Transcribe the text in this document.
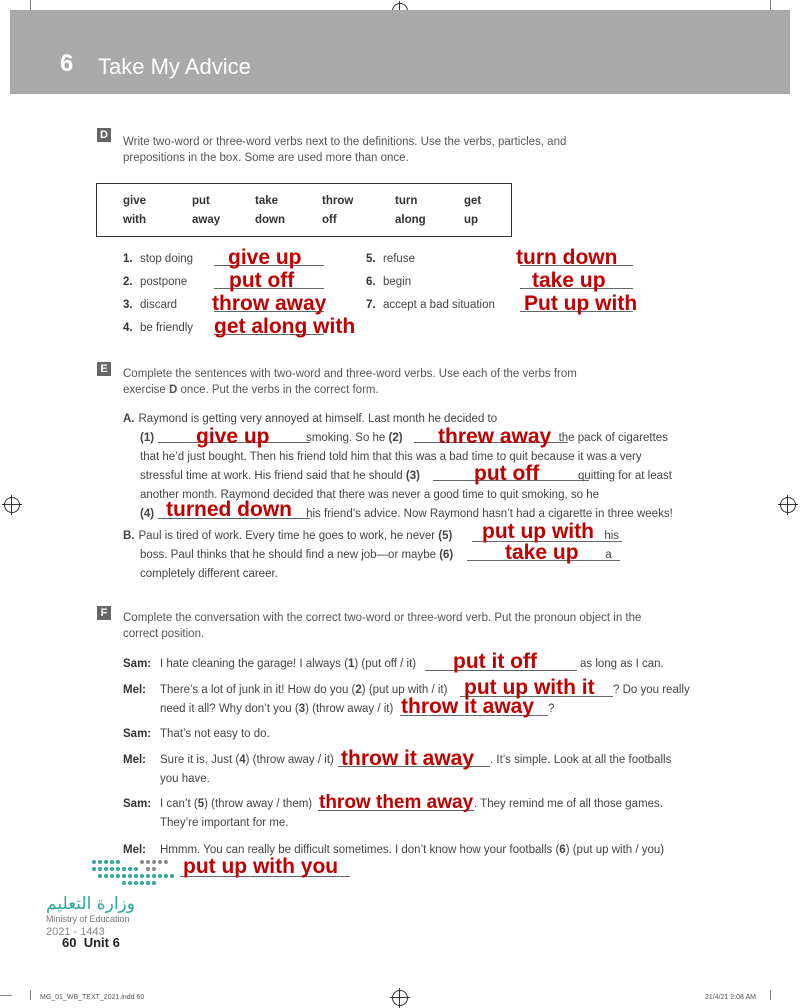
6 Take My Advice
D
Write two-word or three-word verbs next to the definitions. Use the verbs, particles, and
prepositions in the box. Some are used more than once.
give	put	take	throw	turn	get
with	away	down	off	along	up
1. stop doing give up
2. postpone put off
3. discard throw away
4. be friendly get along with
5. refuse	turn down
6. begin	take up
7. accept a bad situation Put up with
E Complete the sentences with two-word and three-word verbs. Use each of the verbs from
exercise D once. Put the verbs in the correct form.
A. Raymond is getting very annoyed at himself. Last month he decided to
(1)	smoking. So he (2)	the pack of cigarettes
that he’d just bought. Then his friend told him that this was a bad time to quit because it was a very
stressful time at work. His friend said that he should (3)	quitting for at least
another month. Raymond decided that there was never a good time to quit smoking, so he
(4)	his friend’s advice. Now Raymond hasn’t had a cigarette in three weeks!
give up	threw away
put off
turned down
B. Paul is tired of work. Every time he goes to work, he never (5)	his
boss. Paul thinks that he should find a new job—or maybe (6)	a
completely different career.
put up with
take up
F	Complete the conversation with the correct two-word or three-word verb. Put the pronoun object in the
correct position.
Sam: I hate cleaning the garage! I always (1) (put off / it)	as long as I can.
put it off
Mel: There’s a lot of junk in it! How do you (2) (put up with / it)	? Do you really
put up with it
need it all? Why don’t you (3) (throw away / it)	?
throw it away
Sam: That’s not easy to do.
Mel: Sure it is. Just (4) (throw away / it)	. It’s simple. Look at all the footballs
throw it away
you have.
Sam: I can’t (5) (throw away / them)	. They remind me of all those games.
throw them away
They’re important for me.
Mel: Hmmm. You can really be difficult sometimes. I don’t know how your footballs (6) (put up with / you)
put up with you
وزارة التعليم
Ministry of Education
2021 - 1443
60 Unit 6
MG_01_WB_TEXT_2021.indd 60	21/4/21 2:08 AM
